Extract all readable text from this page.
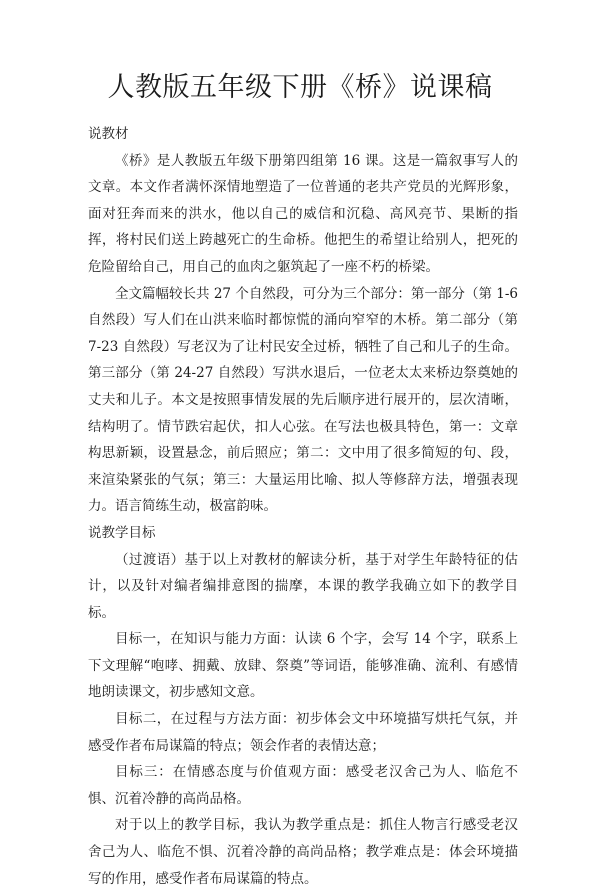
人教版五年级下册《桥》说课稿

说教材

《桥》是人教版五年级下册第四组第 16 课。这是一篇叙事写人的文章。本文作者满怀深情地塑造了一位普通的老共产党员的光辉形象，面对狂奔而来的洪水，他以自己的威信和沉稳、高风亮节、果断的指挥，将村民们送上跨越死亡的生命桥。他把生的希望让给别人，把死的危险留给自己，用自己的血肉之躯筑起了一座不朽的桥梁。

全文篇幅较长共 27 个自然段，可分为三个部分：第一部分（第 1-6 自然段）写人们在山洪来临时都惊慌的涌向窄窄的木桥。第二部分（第 7-23 自然段）写老汉为了让村民安全过桥，牺牲了自己和儿子的生命。第三部分（第 24-27 自然段）写洪水退后，一位老太太来桥边祭奠她的丈夫和儿子。本文是按照事情发展的先后顺序进行展开的，层次清晰，结构明了。情节跌宕起伏，扣人心弦。在写法也极具特色，第一：文章构思新颖，设置悬念，前后照应；第二：文中用了很多简短的句、段，来渲染紧张的气氛；第三：大量运用比喻、拟人等修辞方法，增强表现力。语言简练生动，极富韵味。

说教学目标

（过渡语）基于以上对教材的解读分析，基于对学生年龄特征的估计，以及针对编者编排意图的揣摩，本课的教学我确立如下的教学目标。

目标一，在知识与能力方面：认读 6 个字，会写 14 个字，联系上下文理解“咆哮、拥戴、放肆、祭奠”等词语，能够准确、流利、有感情地朗读课文，初步感知文意。

目标二，在过程与方法方面：初步体会文中环境描写烘托气氛，并感受作者布局谋篇的特点；领会作者的表情达意；

目标三：在情感态度与价值观方面：感受老汉舍己为人、临危不惧、沉着冷静的高尚品格。

对于以上的教学目标，我认为教学重点是：抓住人物言行感受老汉舍己为人、临危不惧、沉着冷静的高尚品格；教学难点是：体会环境描写的作用，感受作者布局谋篇的特点。
